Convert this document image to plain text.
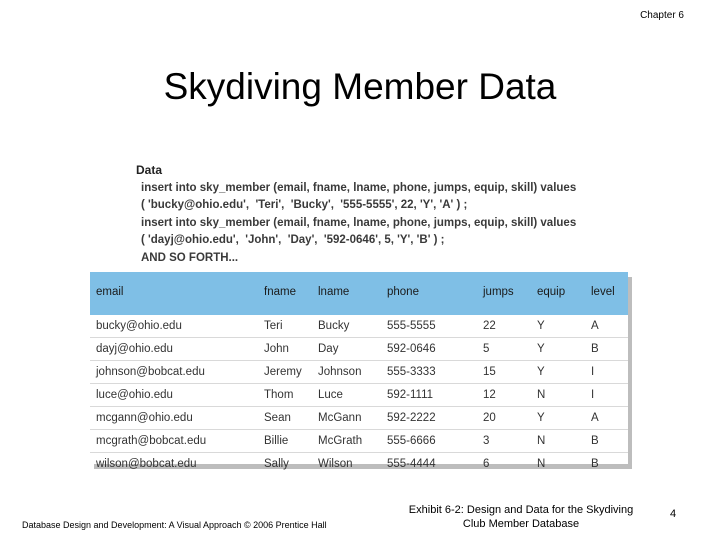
Chapter 6
Skydiving Member Data
Data
insert into sky_member (email, fname, lname, phone, jumps, equip, skill) values
( 'bucky@ohio.edu',  'Teri',  'Bucky',  '555-5555', 22, 'Y', 'A' ) ;
insert into sky_member (email, fname, lname, phone, jumps, equip, skill) values
( 'dayj@ohio.edu',  'John',  'Day',  '592-0646', 5, 'Y', 'B' ) ;
AND SO FORTH...
email	fname	lname	phone	jumps	equip	level
bucky@ohio.edu	Teri	Bucky	555-5555	22	Y	A
dayj@ohio.edu	John	Day	592-0646	5	Y	B
johnson@bobcat.edu	Jeremy	Johnson	555-3333	15	Y	I
luce@ohio.edu	Thom	Luce	592-1111	12	N	I
mcgann@ohio.edu	Sean	McGann	592-2222	20	Y	A
mcgrath@bobcat.edu	Billie	McGrath	555-6666	3	N	B
wilson@bobcat.edu	Sally	Wilson	555-4444	6	N	B
Database Design and Development: A Visual Approach © 2006 Prentice Hall
Exhibit 6-2: Design and Data for the Skydiving
Club Member Database
4
